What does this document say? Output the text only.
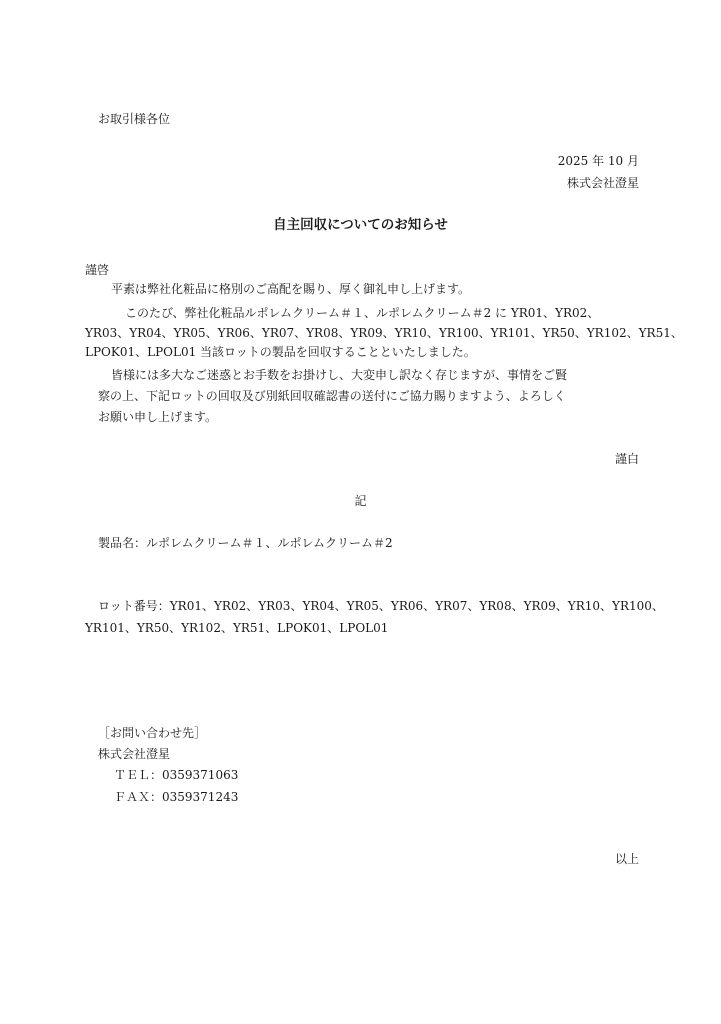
お取引様各位
2025 年 10 月
株式会社澄星
自主回収についてのお知らせ
謹啓
平素は弊社化粧品に格別のご高配を賜り、厚く御礼申し上げます。
このたび、弊社化粧品ルポレムクリーム＃１、ルポレムクリーム＃2 に YR01、YR02、
YR03、YR04、YR05、YR06、YR07、YR08、YR09、YR10、YR100、YR101、YR50、YR102、YR51、
LPOK01、LPOL01 当該ロットの製品を回収することといたしました。
皆様には多大なご迷惑とお手数をお掛けし、大変申し訳なく存じますが、事情をご賢
察の上、下記ロットの回収及び別紙回収確認書の送付にご協力賜りますよう、よろしく
お願い申し上げます。
謹白
記
製品名：ルポレムクリーム＃１、ルポレムクリーム＃2
ロット番号：YR01、YR02、YR03、YR04、YR05、YR06、YR07、YR08、YR09、YR10、YR100、
YR101、YR50、YR102、YR51、LPOK01、LPOL01
［お問い合わせ先］
株式会社澄星
ＴＥＬ：0359371063
ＦＡＸ：0359371243
以上
